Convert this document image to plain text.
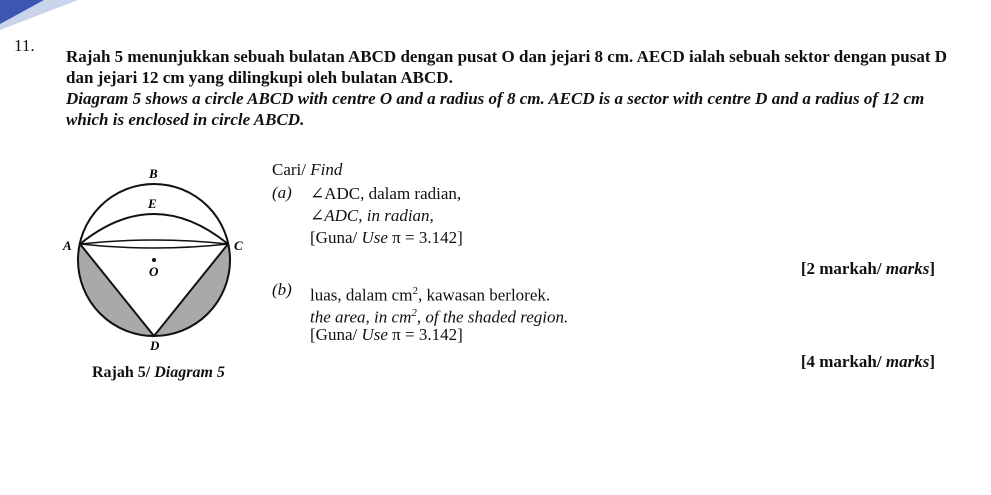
11.

Rajah 5 menunjukkan sebuah bulatan ABCD dengan pusat O dan jejari 8 cm. AECD ialah sebuah sektor dengan pusat D dan jejari 12 cm yang dilingkupi oleh bulatan ABCD.

Diagram 5 shows a circle ABCD with centre O and a radius of 8 cm. AECD is a sector with centre D and a radius of 12 cm which is enclosed in circle ABCD.

B
E
A	C
O
D
Rajah 5/ Diagram 5
Cari/ Find
(a) ∠ADC, dalam radian,
∠ADC, in radian,
[Guna/ Use π = 3.142]
[2 markah/ marks]
(b) luas, dalam $cm^2$, kawasan berlorek.
the area, in $cm^2$, of the shaded region.
[Guna/ Use π = 3.142]
[4 markah/ marks]
